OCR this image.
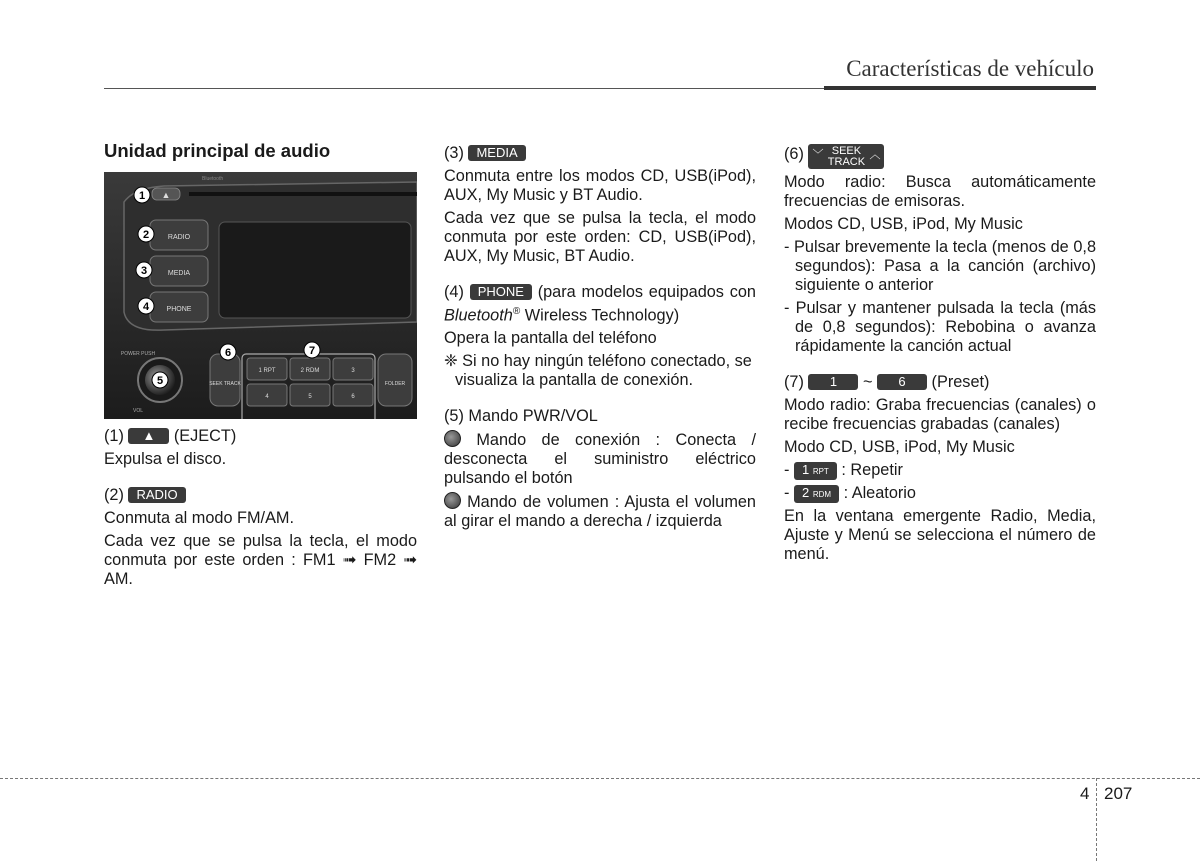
Características de vehículo
Unidad principal de audio
▲
Bluetooth
RADIO
MEDIA
PHONE
POWER PUSH
VOL
SEEK TRACK
1 RPT	2 RDM	3
4	5	6
FOLDER
1
2
3
4
5
6	7

(1) ▲ (EJECT)

Expulsa el disco.

(2) RADIO

Conmuta al modo FM/AM.

Cada vez que se pulsa la tecla, el modo conmuta por este orden : FM1 ➟ FM2 ➟ AM.

(3) MEDIA

Conmuta entre los modos CD, USB(iPod), AUX, My Music y BT Audio.

Cada vez que se pulsa la tecla, el modo conmuta por este orden: CD, USB(iPod), AUX, My Music, BT Audio.

(4) PHONE (para modelos equipados con Bluetooth® Wireless Technology)

Opera la pantalla del teléfono

❈ Si no hay ningún teléfono conectado, se visualiza la pantalla de conexión.

(5) Mando PWR/VOL

Mando de conexión : Conecta / desconecta el suministro eléctrico pulsando el botón

Mando de volumen : Ajusta el volumen al girar el mando a derecha / izquierda

(6) ﹀ SEEK
TRACK
︿

Modo radio: Busca automáticamente frecuencias de emisoras.

Modos CD, USB, iPod, My Music

- Pulsar brevemente la tecla (menos de 0,8 segundos): Pasa a la canción (archivo) siguiente o anterior

- Pulsar y mantener pulsada la tecla (más de 0,8 segundos): Rebobina o avanza rápidamente la canción actual

(7) 1 ~ 6 (Preset)

Modo radio: Graba frecuencias (canales) o recibe frecuencias grabadas (canales)

Modo CD, USB, iPod, My Music

- 1 RPT : Repetir

- 2 RDM : Aleatorio

En la ventana emergente Radio, Media, Ajuste y Menú se selecciona el número de menú.

4 207
